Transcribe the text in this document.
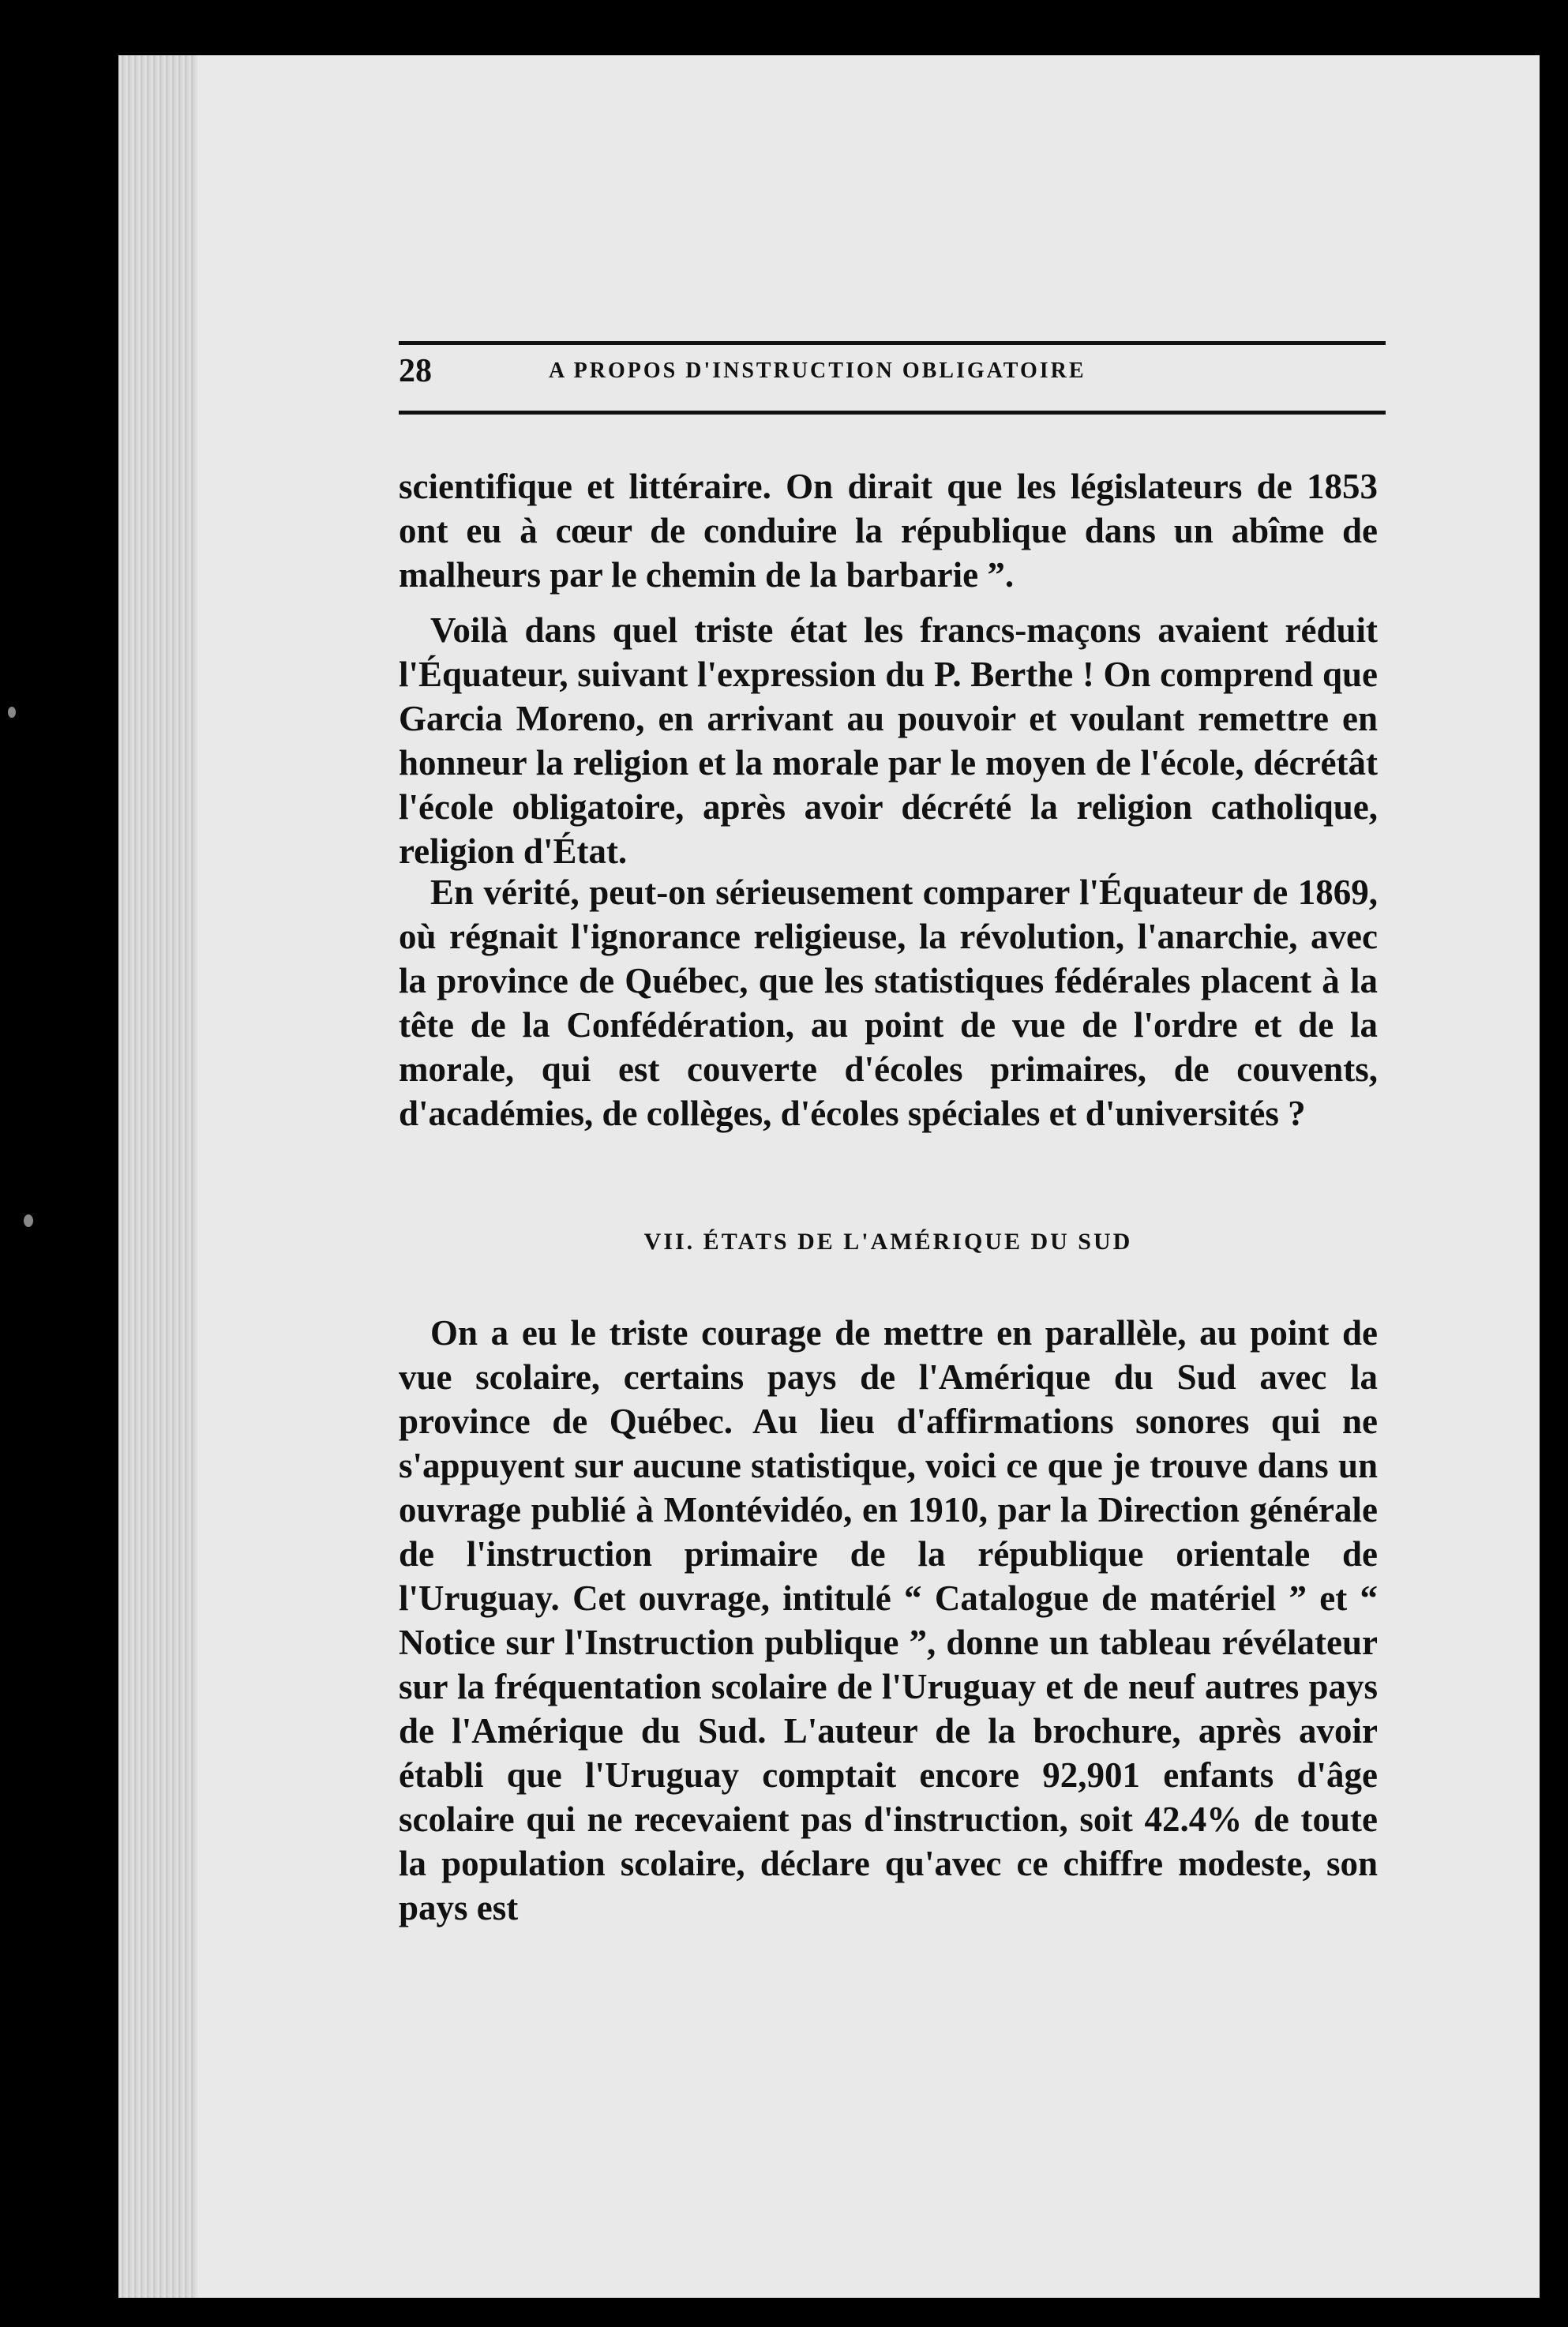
28	A PROPOS D'INSTRUCTION OBLIGATOIRE

scientifique et littéraire. On dirait que les législateurs de 1853 ont eu à cœur de conduire la république dans un abîme de malheurs par le chemin de la barbarie ”.

Voilà dans quel triste état les francs-maçons avaient réduit l'Équateur, suivant l'expression du P. Berthe ! On comprend que Garcia Moreno, en arrivant au pouvoir et voulant remettre en honneur la religion et la morale par le moyen de l'école, décrétât l'école obligatoire, après avoir décrété la religion catholique, religion d'État.

En vérité, peut-on sérieusement comparer l'Équateur de 1869, où régnait l'ignorance religieuse, la révolution, l'anarchie, avec la province de Québec, que les statistiques fédérales placent à la tête de la Confédération, au point de vue de l'ordre et de la morale, qui est couverte d'écoles primaires, de couvents, d'académies, de collèges, d'écoles spéciales et d'universités ?

VII. ÉTATS DE L'AMÉRIQUE DU SUD

On a eu le triste courage de mettre en parallèle, au point de vue scolaire, certains pays de l'Amérique du Sud avec la province de Québec. Au lieu d'affirmations sonores qui ne s'appuyent sur aucune statistique, voici ce que je trouve dans un ouvrage publié à Montévidéo, en 1910, par la Direction générale de l'instruction primaire de la république orientale de l'Uruguay. Cet ouvrage, intitulé “ Catalogue de matériel ” et “ Notice sur l'Instruction publique ”, donne un tableau révélateur sur la fréquentation scolaire de l'Uruguay et de neuf autres pays de l'Amérique du Sud. L'auteur de la brochure, après avoir établi que l'Uruguay comptait encore 92,901 enfants d'âge scolaire qui ne recevaient pas d'instruction, soit 42.4% de toute la population scolaire, déclare qu'avec ce chiffre modeste, son pays est
